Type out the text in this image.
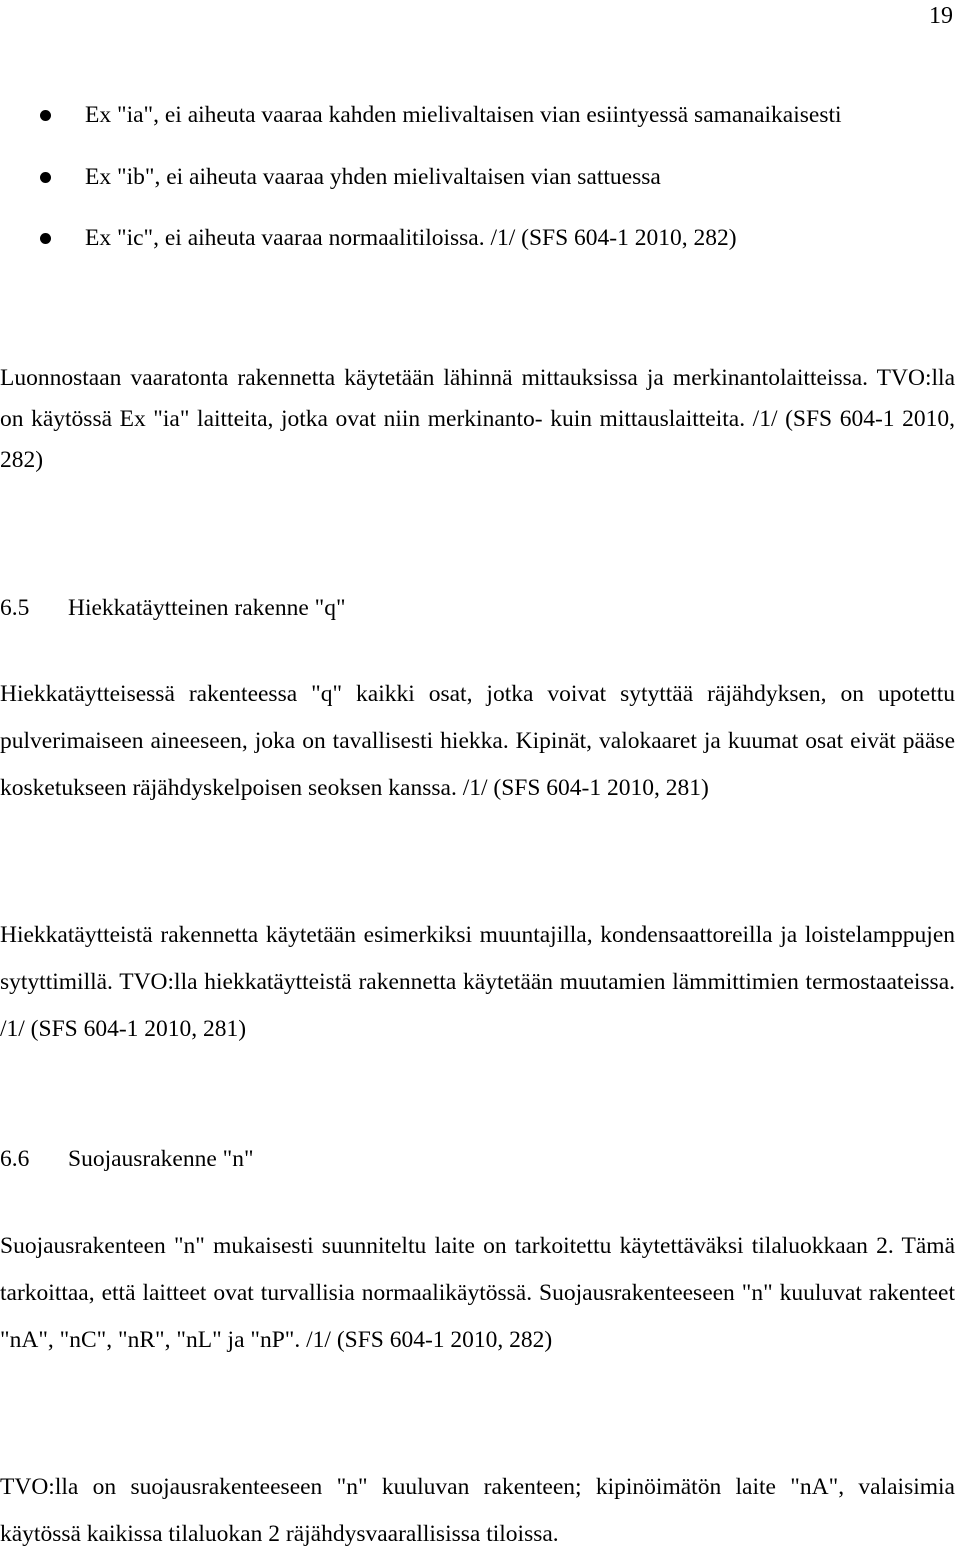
19
Ex "ia", ei aiheuta vaaraa kahden mielivaltaisen vian esiintyessä samanaikaisesti
Ex "ib", ei aiheuta vaaraa yhden mielivaltaisen vian sattuessa
Ex "ic", ei aiheuta vaaraa normaalitiloissa. /1/ (SFS 604-1 2010, 282)

Luonnostaan vaaratonta rakennetta käytetään lähinnä mittauksissa ja merkinantolaitteissa. TVO:lla on käytössä Ex "ia" laitteita, jotka ovat niin merkinanto- kuin mittauslaitteita. /1/ (SFS 604-1 2010, 282)

6.5 Hiekkatäytteinen rakenne "q"

Hiekkatäytteisessä rakenteessa "q" kaikki osat, jotka voivat sytyttää räjähdyksen, on upotettu pulverimaiseen aineeseen, joka on tavallisesti hiekka. Kipinät, valokaaret ja kuumat osat eivät pääse kosketukseen räjähdyskelpoisen seoksen kanssa. /1/ (SFS 604-1 2010, 281)

Hiekkatäytteistä rakennetta käytetään esimerkiksi muuntajilla, kondensaattoreilla ja loistelamppujen sytyttimillä. TVO:lla hiekkatäytteistä rakennetta käytetään muutamien lämmittimien termostaateissa. /1/ (SFS 604-1 2010, 281)

6.6 Suojausrakenne "n"

Suojausrakenteen "n" mukaisesti suunniteltu laite on tarkoitettu käytettäväksi tilaluokkaan 2. Tämä tarkoittaa, että laitteet ovat turvallisia normaalikäytössä. Suojausrakenteeseen "n" kuuluvat rakenteet "nA", "nC", "nR", "nL" ja "nP". /1/ (SFS 604-1 2010, 282)

TVO:lla on suojausrakenteeseen "n" kuuluvan rakenteen; kipinöimätön laite "nA", valaisimia käytössä kaikissa tilaluokan 2 räjähdysvaarallisissa tiloissa.
